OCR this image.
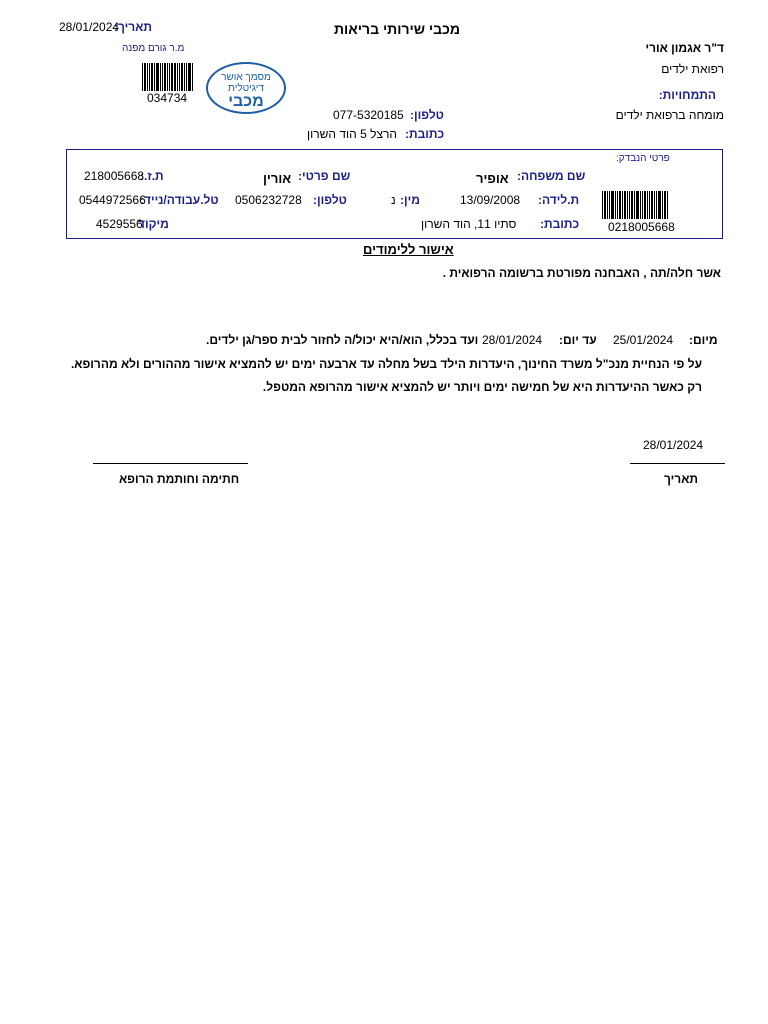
מכבי שירותי בריאות
28/01/2024
תאריך:
מ.ר גורם מפנה
034734
מסמך אושר
דיגיטלית
מכבי
ד"ר אגמון אורי
רפואת ילדים
התמחויות:
מומחה ברפואת ילדים
טלפון:
077-5320185
כתובת:
הרצל 5 הוד השרון
פרטי הנבדק:
שם משפחה:
אופיר
שם פרטי:
אורין
ת.ז.:
218005668
ת.לידה:
13/09/2008
מין:
נ
טלפון:
0506232728
טל.עבודה/נייד:
0544972566
כתובת:
סתיו 11, הוד השרון
מיקוד
4529556	0218005668
אישור ללימודים
אשר חלה/תה , האבחנה מפורטת ברשומה הרפואית .
מיום:
25/01/2024
עד יום:
28/01/2024
ועד בכלל, הוא/היא יכול/ה לחזור לבית ספר/גן ילדים.
על פי הנחיית מנכ"ל משרד החינוך, היעדרות הילד בשל מחלה עד ארבעה ימים יש להמציא אישור מההורים ולא מהרופא.
רק כאשר ההיעדרות היא של חמישה ימים ויותר יש להמציא אישור מהרופא המטפל.
28/01/2024
תאריך
חתימה וחותמת הרופא
